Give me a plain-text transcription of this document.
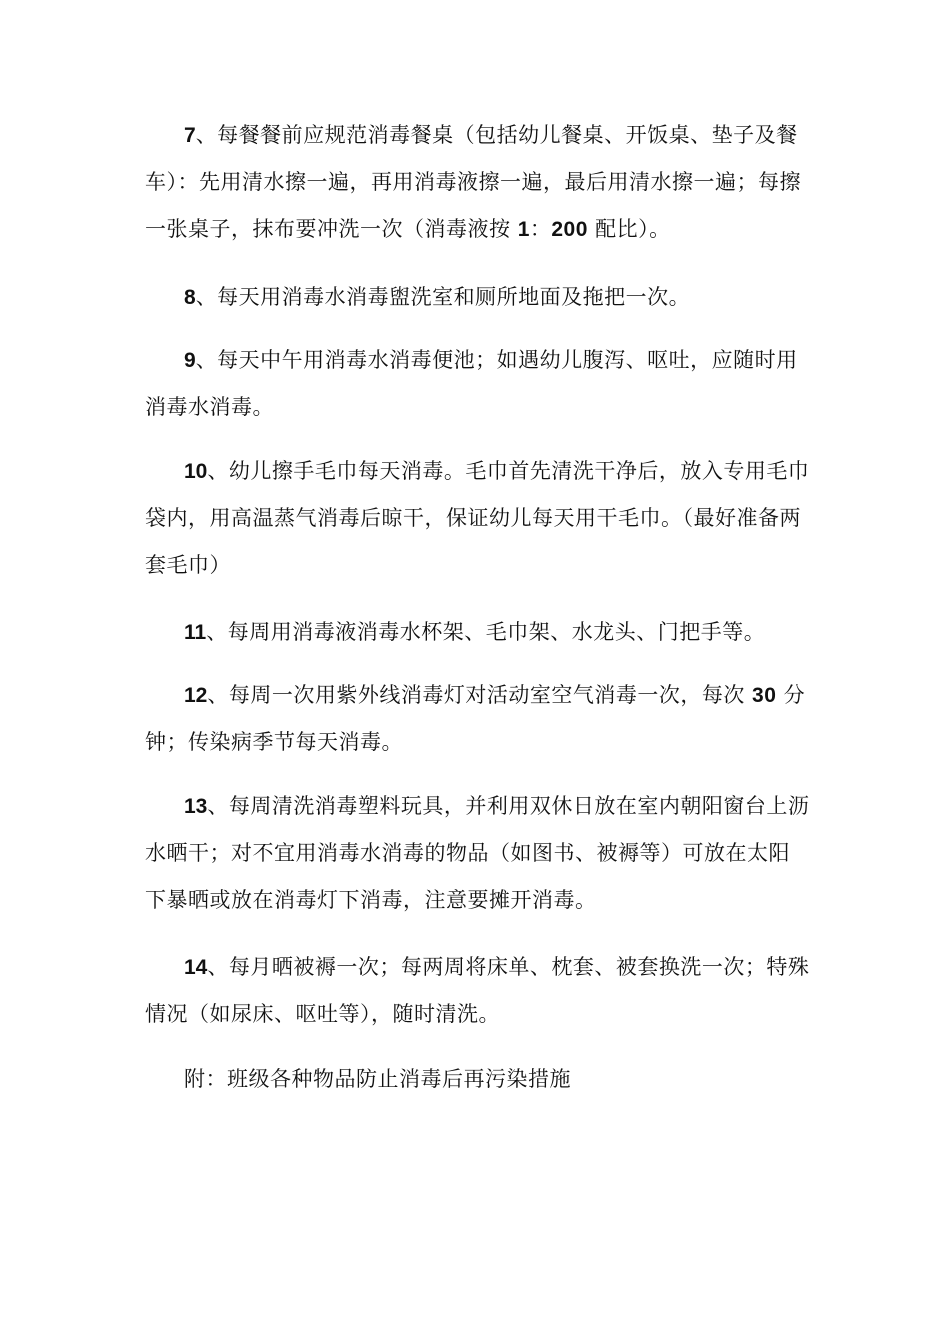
7、每餐餐前应规范消毒餐桌（包括幼儿餐桌、开饭桌、垫子及餐车）：先用清水擦一遍，再用消毒液擦一遍，最后用清水擦一遍；每擦一张桌子，抹布要冲洗一次（消毒液按 1：200 配比）。

8、每天用消毒水消毒盥洗室和厕所地面及拖把一次。

9、每天中午用消毒水消毒便池；如遇幼儿腹泻、呕吐，应随时用消毒水消毒。

10、幼儿擦手毛巾每天消毒。毛巾首先清洗干净后，放入专用毛巾袋内，用高温蒸气消毒后晾干，保证幼儿每天用干毛巾。（最好准备两套毛巾）

11、每周用消毒液消毒水杯架、毛巾架、水龙头、门把手等。

12、每周一次用紫外线消毒灯对活动室空气消毒一次，每次 30 分钟；传染病季节每天消毒。

13、每周清洗消毒塑料玩具，并利用双休日放在室内朝阳窗台上沥水晒干；对不宜用消毒水消毒的物品（如图书、被褥等）可放在太阳下暴晒或放在消毒灯下消毒，注意要摊开消毒。

14、每月晒被褥一次；每两周将床单、枕套、被套换洗一次；特殊情况（如尿床、呕吐等），随时清洗。

附：班级各种物品防止消毒后再污染措施
